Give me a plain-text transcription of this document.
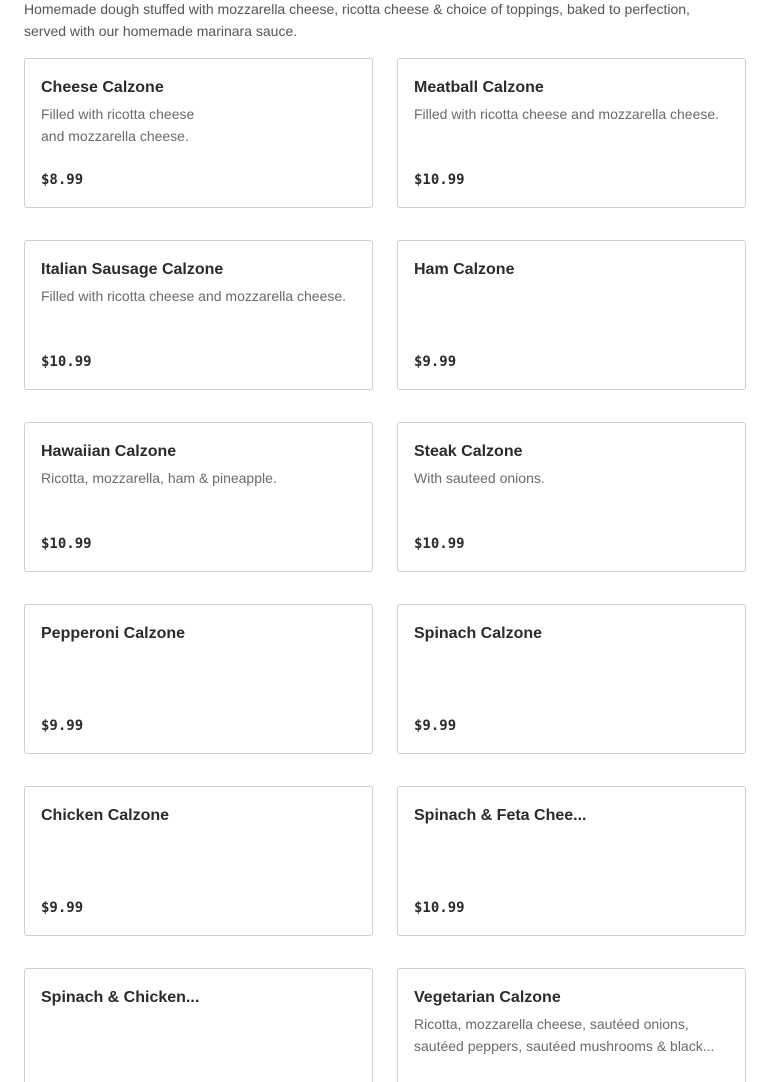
Homemade dough stuffed with mozzarella cheese, ricotta cheese & choice of toppings, baked to perfection,
served with our homemade marinara sauce.
Cheese Calzone
Filled with ricotta cheese
and mozzarella cheese.
$8.99
Meatball Calzone
Filled with ricotta cheese and mozzarella cheese.
$10.99
Italian Sausage Calzone
Filled with ricotta cheese and mozzarella cheese.
$10.99
Ham Calzone
$9.99
Hawaiian Calzone
Ricotta, mozzarella, ham & pineapple.
$10.99
Steak Calzone
With sauteed onions.
$10.99
Pepperoni Calzone
$9.99
Spinach Calzone
$9.99
Chicken Calzone
$9.99
Spinach & Feta Chee...
$10.99
Spinach & Chicken...	Vegetarian Calzone
Ricotta, mozzarella cheese, sautéed onions,
sautéed peppers, sautéed mushrooms & black...
